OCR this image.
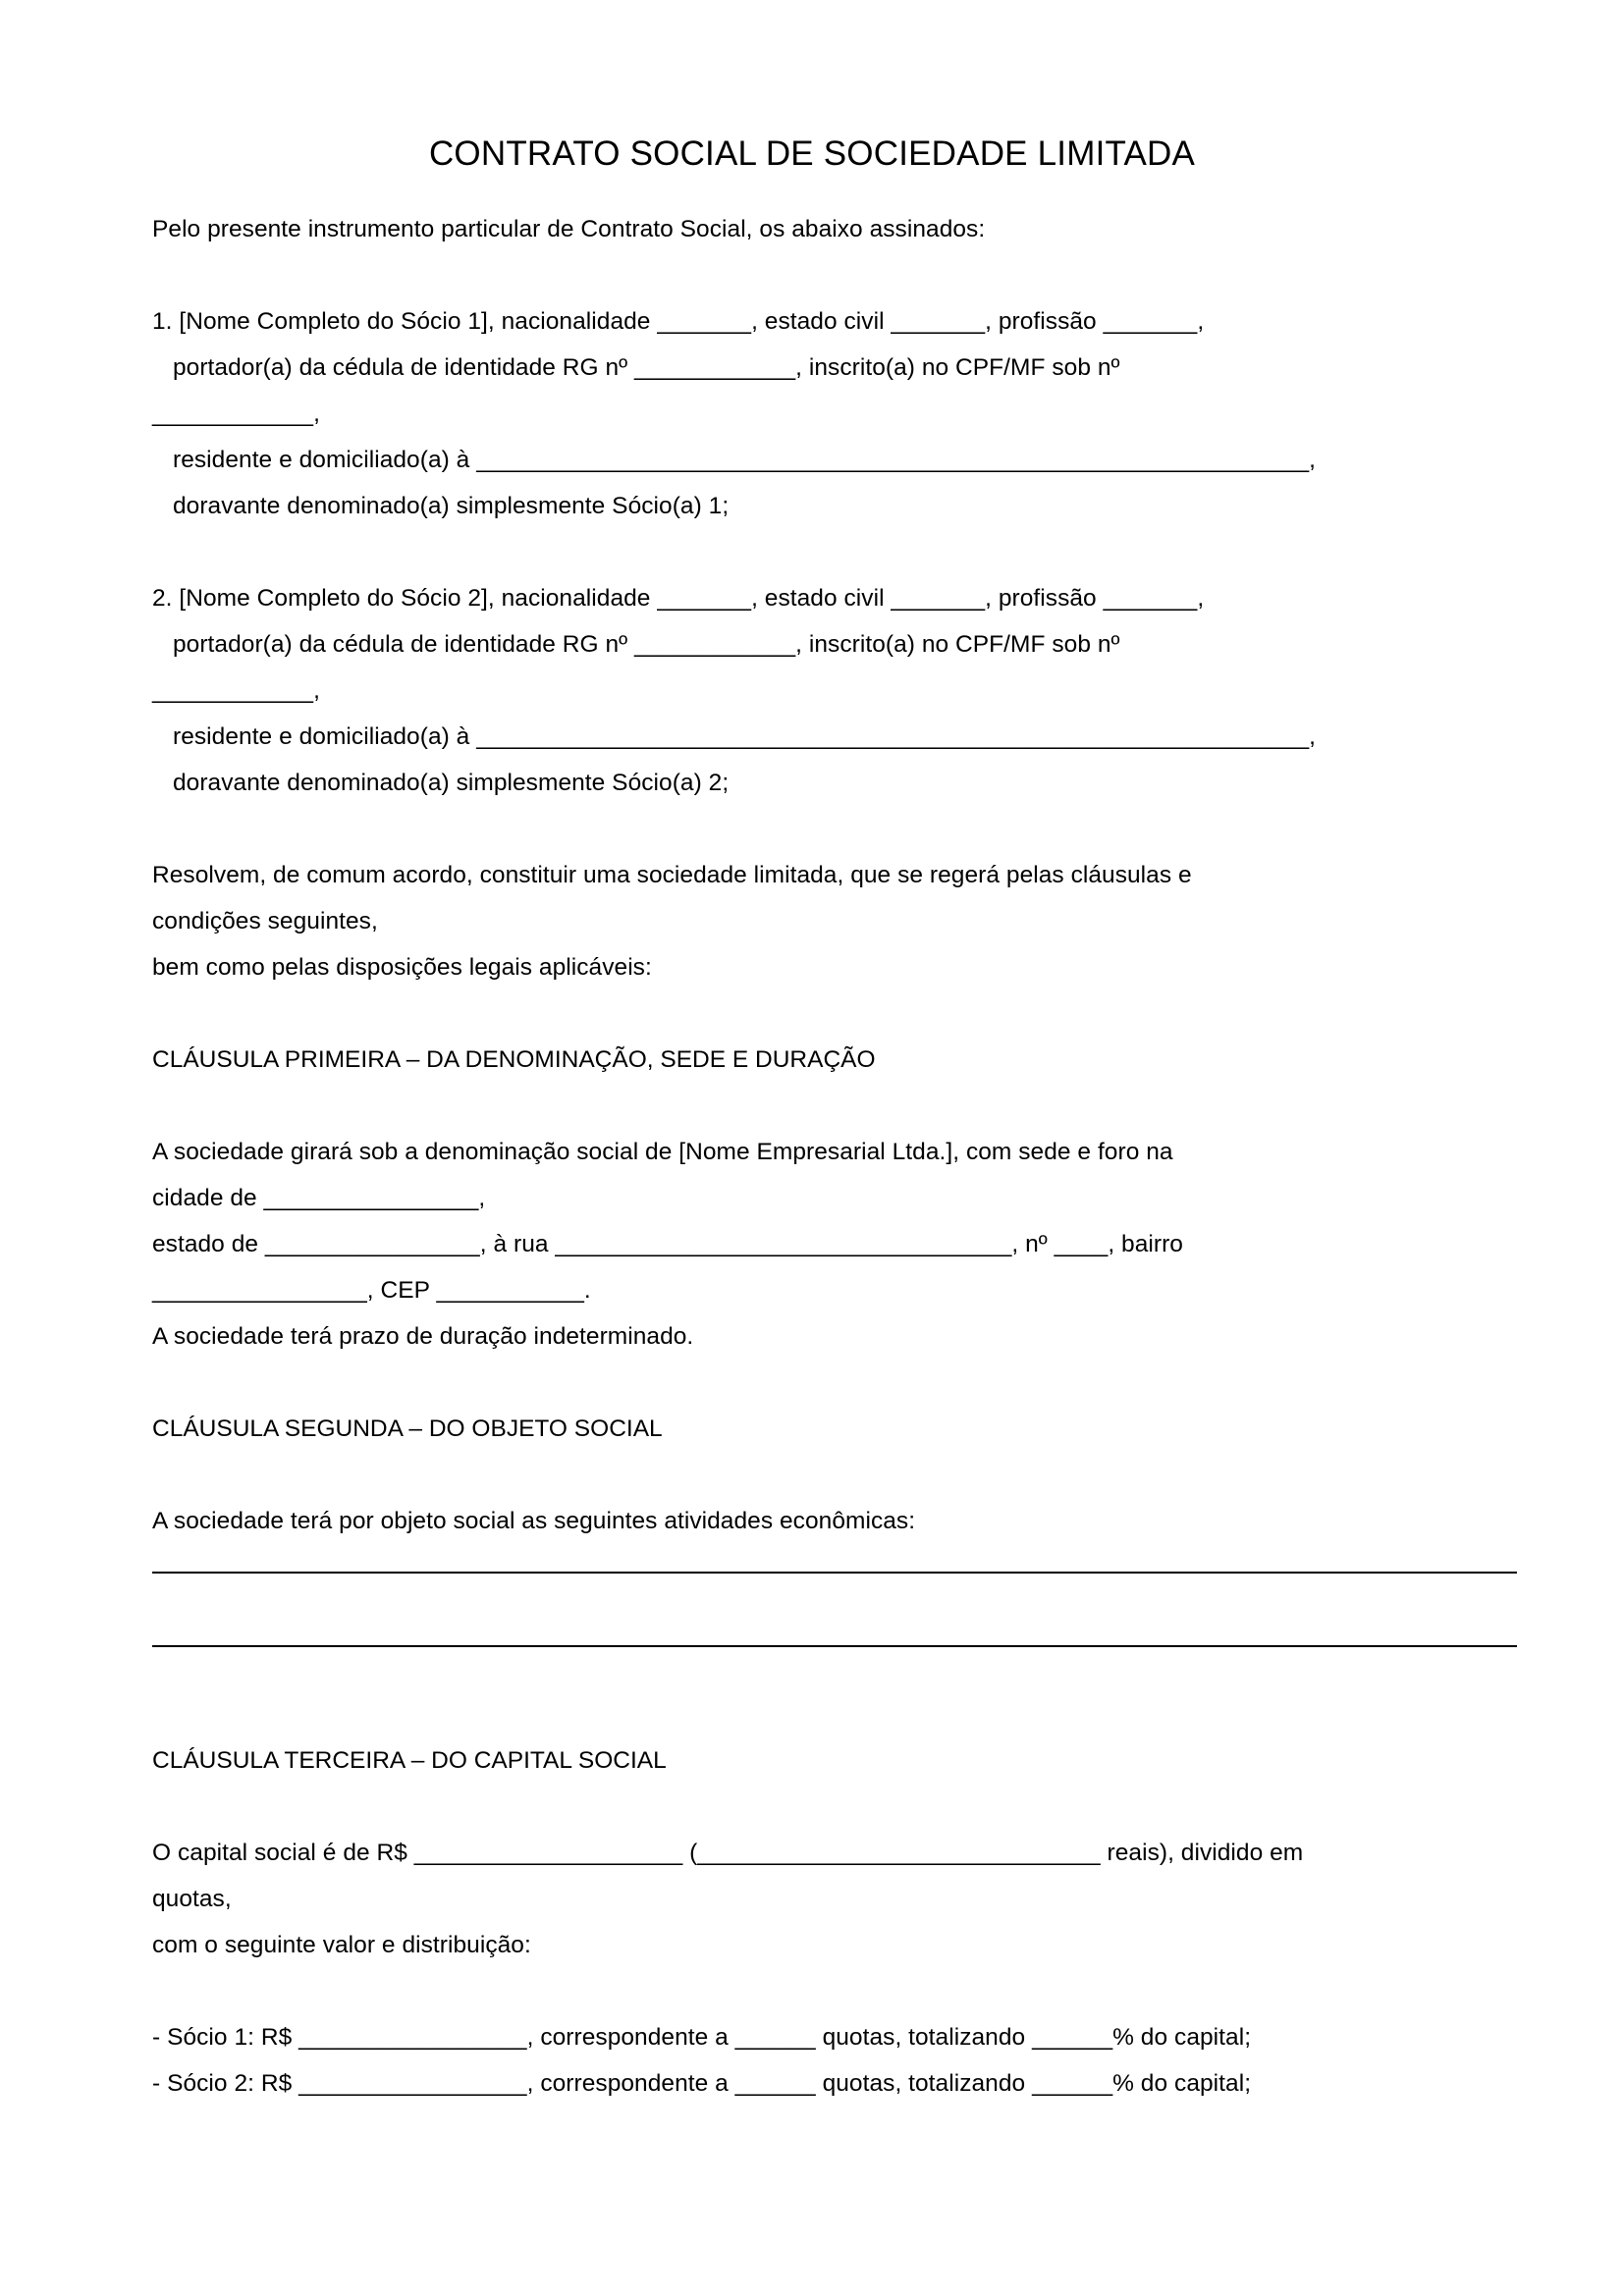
CONTRATO SOCIAL DE SOCIEDADE LIMITADA
Pelo presente instrumento particular de Contrato Social, os abaixo assinados:
1. [Nome Completo do Sócio 1], nacionalidade _______, estado civil _______, profissão _______,
portador(a) da cédula de identidade RG nº ____________, inscrito(a) no CPF/MF sob nº
____________,
residente e domiciliado(a) à ______________________________________________________________,
doravante denominado(a) simplesmente Sócio(a) 1;
2. [Nome Completo do Sócio 2], nacionalidade _______, estado civil _______, profissão _______,
portador(a) da cédula de identidade RG nº ____________, inscrito(a) no CPF/MF sob nº
____________,
residente e domiciliado(a) à ______________________________________________________________,
doravante denominado(a) simplesmente Sócio(a) 2;
Resolvem, de comum acordo, constituir uma sociedade limitada, que se regerá pelas cláusulas e
condições seguintes,
bem como pelas disposições legais aplicáveis:
CLÁUSULA PRIMEIRA – DA DENOMINAÇÃO, SEDE E DURAÇÃO
A sociedade girará sob a denominação social de [Nome Empresarial Ltda.], com sede e foro na
cidade de ________________,
estado de ________________, à rua __________________________________, nº ____, bairro
________________, CEP ___________.
A sociedade terá prazo de duração indeterminado.
CLÁUSULA SEGUNDA – DO OBJETO SOCIAL
A sociedade terá por objeto social as seguintes atividades econômicas:
CLÁUSULA TERCEIRA – DO CAPITAL SOCIAL
O capital social é de R$ ____________________ (______________________________ reais), dividido em
quotas,
com o seguinte valor e distribuição:
- Sócio 1: R$ _________________, correspondente a ______ quotas, totalizando ______% do capital;
- Sócio 2: R$ _________________, correspondente a ______ quotas, totalizando ______% do capital;
